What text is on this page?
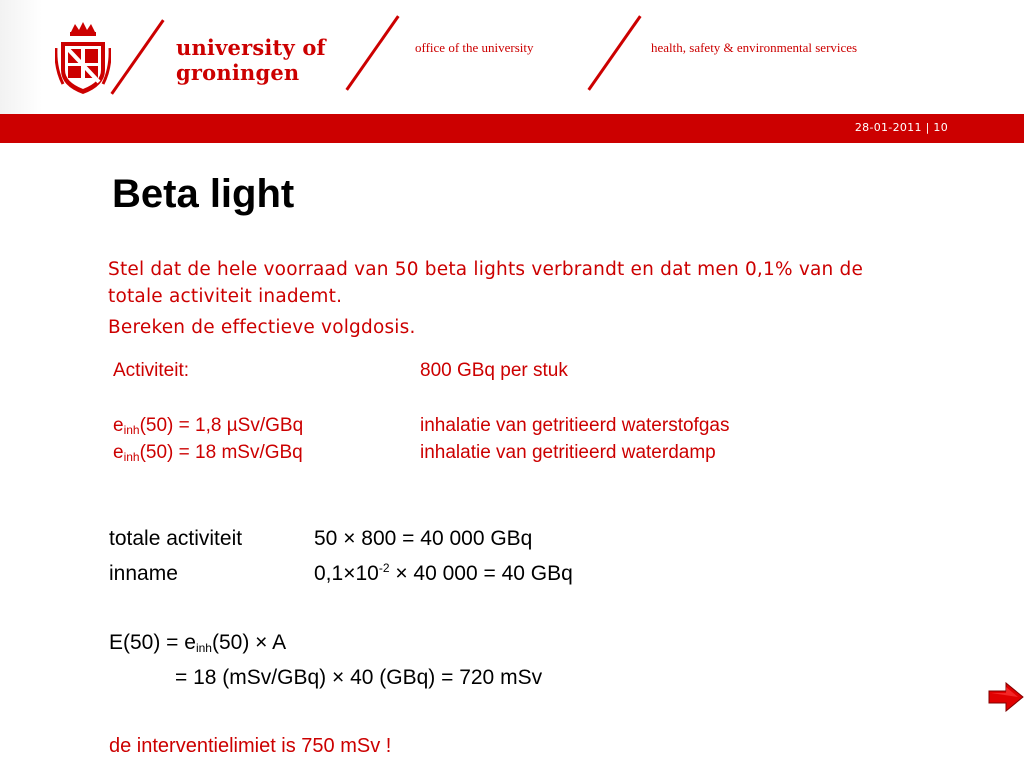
university of
groningen
office of the university	health, safety & environmental services
28-01-2011 | 10
Beta light

Stel dat de hele voorraad van 50 beta lights verbrandt en dat men 0,1% van de totale activiteit inademt.

Bereken de effectieve volgdosis.

Activiteit:	800 GBq per stuk
$e_{inh}(50) = 1,8$ µSv/GBq	inhalatie van getritieerd waterstofgas
$e_{inh}(50) = 18$ mSv/GBq	inhalatie van getritieerd waterdamp
totale activiteit	50 × 800 = 40 000 GBq
inname	$0,1\times 10^{-2} \times 40$ 000 = 40 GBq
$E(50) = e_{inh}(50) \times A$
= 18 (mSv/GBq) × 40 (GBq) = 720 mSv
de interventielimiet is 750 mSv !
